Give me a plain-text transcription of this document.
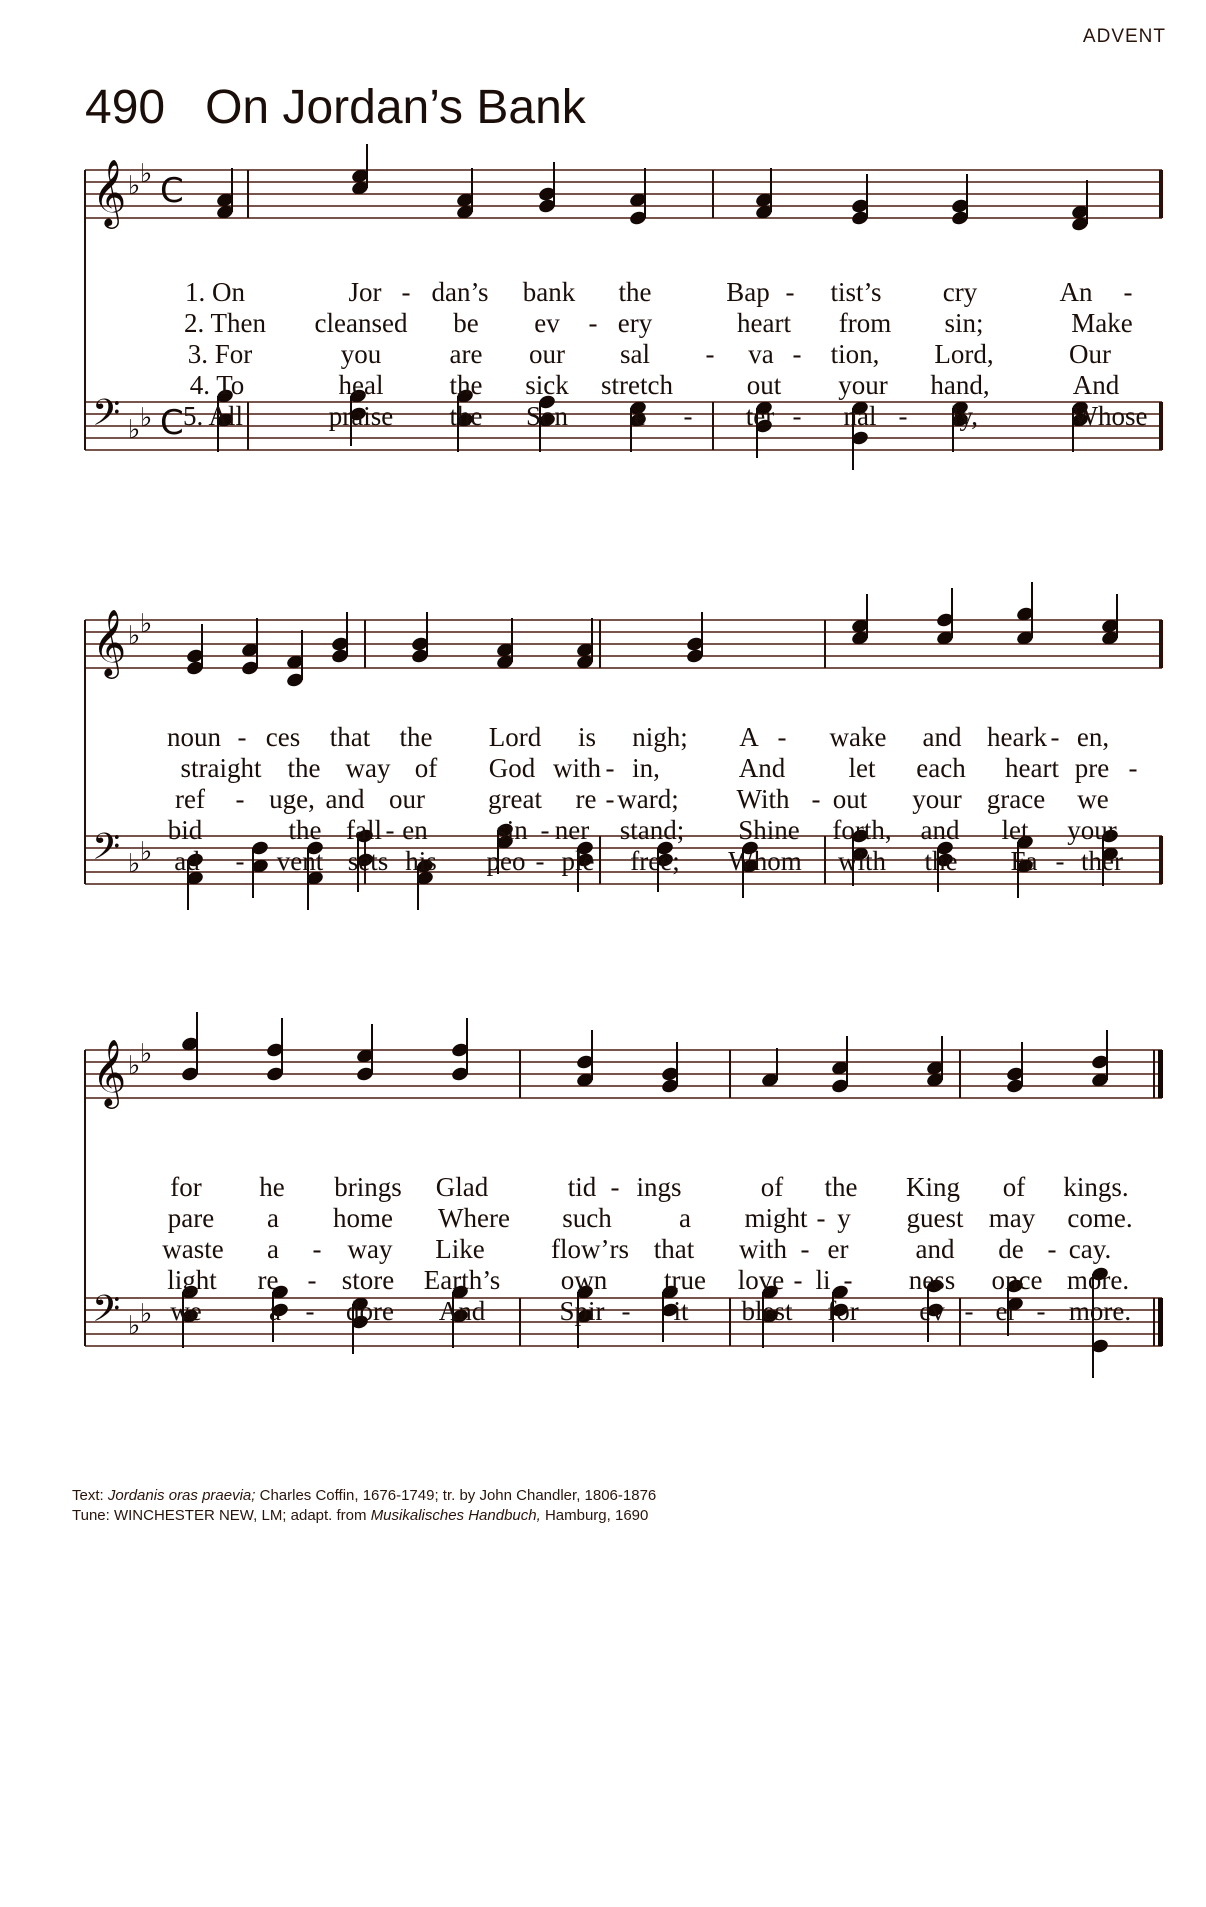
ADVENT
490 On Jordan’s Bank
𝄞 ♭ ♭ C
𝄢 ♭ ♭ C
1. On	Jor - dan’s bank the	Bap - tist’s cry	An -
2. Then cleansed be ev - ery	heart from sin;	Make
3. For	you	are our sal - va - tion, Lord,	Our
4. To	heal the sick stretch	out your hand,	And
5. All	praise the Son e - ter - nal - ly,	Whose
𝄞 ♭ ♭
𝄢 ♭ ♭
noun - ces that the Lord is nigh; A - wake and heark - en,
straight the way of God with - in,	And let each heart pre -
ref - uge, and our great re - ward; With - out your grace we
bid	the fall - en	sin - ner stand; Shine forth, and let your
ad - vent sets his peo - ple free; Whom with the Fa - ther
𝄞 ♭ ♭
𝄢 ♭ ♭
for he brings Glad	tid - ings	of the King of kings.
pare a home Where such a might - y guest may come.
waste a - way Like flow’rs that with - er and de - cay.
light re - store Earth’s own true love - li - ness once more.
we a - dore And	Spir - it blest for ev - er - more.
Text: Jordanis oras praevia; Charles Coffin, 1676-1749; tr. by John Chandler, 1806-1876
Tune: WINCHESTER NEW, LM; adapt. from Musikalisches Handbuch, Hamburg, 1690
